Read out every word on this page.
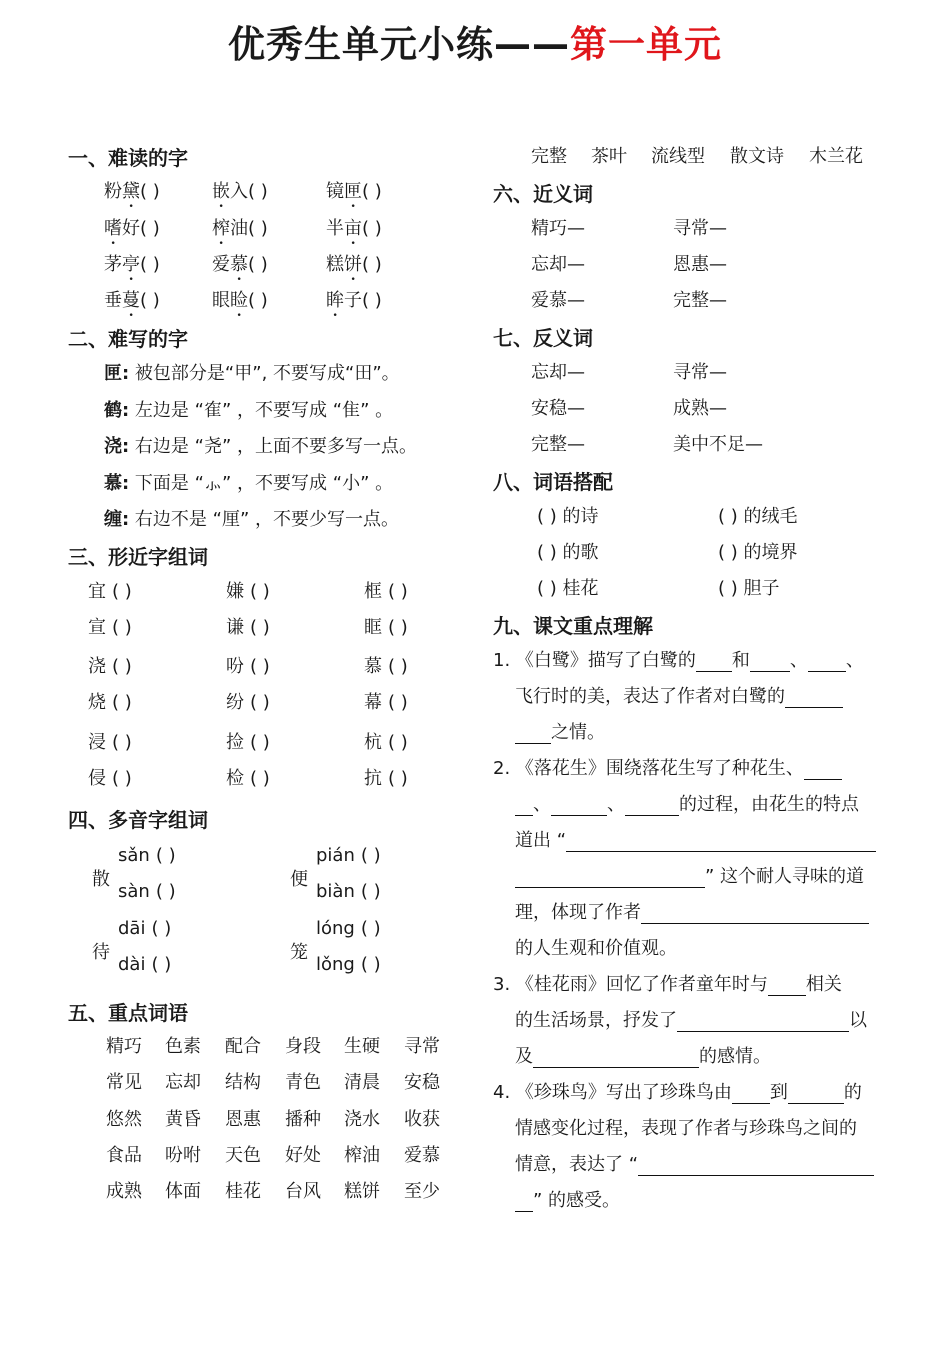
优秀生单元小练——第一单元
一、难读的字
粉黛( )	嵌入( )	镜匣( )
嗜好( )	榨油( )	半亩( )
茅亭( )	爱慕( )	糕饼( )
垂蔓( )	眼睑( )	眸子( )
二、难写的字
匣: 被包部分是“甲”, 不要写成“田”。
鹤: 左边是 “隺” ，不要写成 “隹” 。
浇: 右边是 “尧” ，上面不要多写一点。
慕: 下面是 “⺗” ，不要写成 “小” 。
缠: 右边不是 “厘” ，不要少写一点。
三、形近字组词
宜 ( )	嫌 ( )	框 ( )
宣 ( )	谦 ( )	眶 ( )
浇 ( )	吩 ( )	慕 ( )
烧 ( )	纷 ( )	幕 ( )
浸 ( )	捡 ( )	杭 ( )
侵 ( )	检 ( )	抗 ( )
四、多音字组词
散
sǎn ( )
sàn ( )
便
pián ( )
biàn ( )
待
dāi ( )
dài ( )
笼
lóng ( )
lǒng ( )
五、重点词语
精巧 色素 配合 身段 生硬 寻常
常见 忘却 结构 青色 清晨 安稳
悠然 黄昏 恩惠 播种 浇水 收获
食品 吩咐 天色 好处 榨油 爱慕
成熟 体面 桂花 台风 糕饼 至少
完整 茶叶 流线型 散文诗 木兰花
六、近义词
精巧—	寻常—
忘却—	恩惠—
爱慕—	完整—
七、反义词
忘却—	寻常—
安稳—	成熟—
完整—	美中不足—
八、词语搭配
( ) 的诗	( ) 的绒毛
( ) 的歌	( ) 的境界
( ) 桂花	( ) 胆子
九、课文重点理解
1. 《白鹭》描写了白鹭的 和 、 、
飞行时的美，表达了作者对白鹭的
之情。
2. 《落花生》围绕落花生写了种花生、
、	、	的过程，由花生的特点
道出 “
” 这个耐人寻味的道
理，体现了作者
的人生观和价值观。
3. 《桂花雨》回忆了作者童年时与 相关
的生活场景，抒发了	以
及	的感情。
4. 《珍珠鸟》写出了珍珠鸟由 到	的
情感变化过程，表现了作者与珍珠鸟之间的
情意，表达了 “
” 的感受。
